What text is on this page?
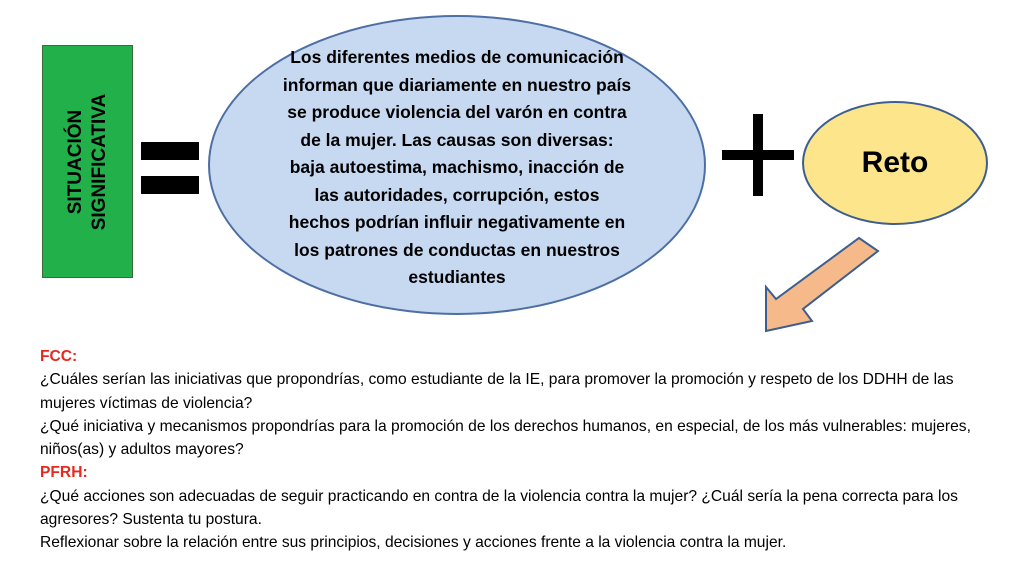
SITUACIÓN SIGNIFICATIVA
Los diferentes medios de comunicación informan que diariamente en nuestro país se produce violencia del varón en contra de la mujer. Las causas son diversas: baja autoestima, machismo, inacción de las autoridades, corrupción, estos hechos podrían influir negativamente en los patrones de conductas en nuestros estudiantes
Reto

FCC:

¿Cuáles serían las iniciativas que propondrías, como estudiante de la IE, para promover la promoción y respeto de los DDHH de las mujeres víctimas de violencia?

¿Qué iniciativa y mecanismos propondrías para la promoción de los derechos humanos, en especial, de los más vulnerables: mujeres, niños(as) y adultos mayores?

PFRH:

¿Qué acciones son adecuadas de seguir practicando en contra de la violencia contra la mujer? ¿Cuál sería la pena correcta para los agresores? Sustenta tu postura.

Reflexionar sobre la relación entre sus principios, decisiones y acciones frente a la violencia contra la mujer.
